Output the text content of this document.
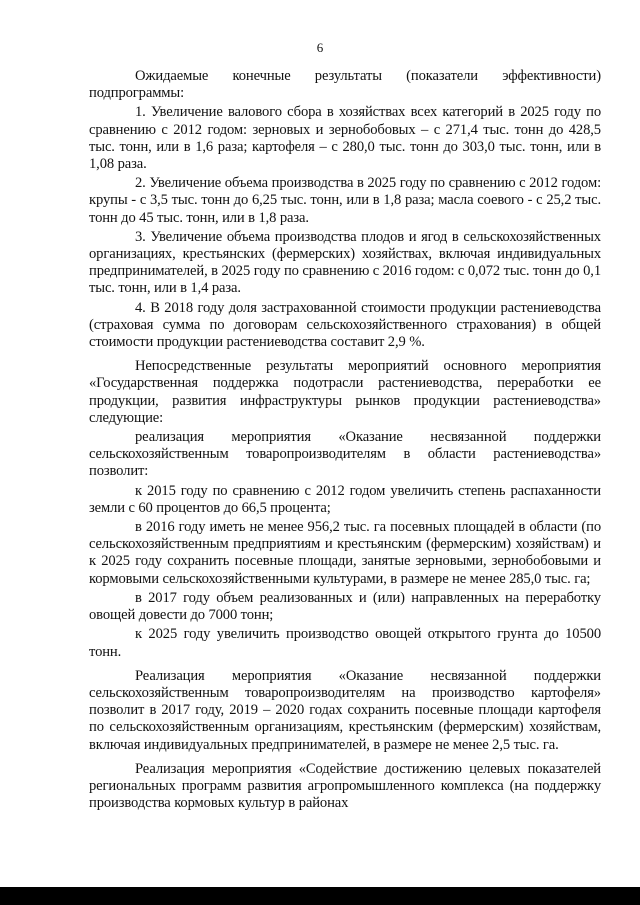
6

Ожидаемые конечные результаты (показатели эффективности) подпрограммы:

1. Увеличение валового сбора в хозяйствах всех категорий в 2025 году по сравнению с 2012 годом: зерновых и зернобобовых – с 271,4 тыс. тонн до 428,5 тыс. тонн, или в 1,6 раза; картофеля – с 280,0 тыс. тонн до 303,0 тыс. тонн, или в 1,08 раза.

2. Увеличение объема производства в 2025 году по сравнению с 2012 годом: крупы - с 3,5 тыс. тонн до 6,25 тыс. тонн, или в 1,8 раза; масла соевого - с 25,2 тыс. тонн до 45 тыс. тонн, или в 1,8 раза.

3. Увеличение объема производства плодов и ягод в сельскохозяйственных организациях, крестьянских (фермерских) хозяйствах, включая индивидуальных предпринимателей, в 2025 году по сравнению с 2016 годом: с 0,072 тыс. тонн до 0,1 тыс. тонн, или в 1,4 раза.

4. В 2018 году доля застрахованной стоимости продукции растениеводства (страховая сумма по договорам сельскохозяйственного страхования) в общей стоимости продукции растениеводства составит 2,9 %.

Непосредственные результаты мероприятий основного мероприятия «Государственная поддержка подотрасли растениеводства, переработки ее продукции, развития инфраструктуры рынков продукции растениеводства» следующие:

реализация мероприятия «Оказание несвязанной поддержки сельскохозяйственным товаропроизводителям в области растениеводства» позволит:

к 2015 году по сравнению с 2012 годом увеличить степень распаханности земли с 60 процентов до 66,5 процента;

в 2016 году иметь не менее 956,2 тыс. га посевных площадей в области (по сельскохозяйственным предприятиям и крестьянским (фермерским) хозяйствам) и к 2025 году сохранить посевные площади, занятые зерновыми, зернобобовыми и кормовыми сельскохозяйственными культурами, в размере не менее 285,0 тыс. га;

в 2017 году объем реализованных и (или) направленных на переработку овощей довести до 7000 тонн;

к 2025 году увеличить производство овощей открытого грунта до 10500 тонн.

Реализация мероприятия «Оказание несвязанной поддержки сельскохозяйственным товаропроизводителям на производство картофеля» позволит в 2017 году, 2019 – 2020 годах сохранить посевные площади картофеля по сельскохозяйственным организациям, крестьянским (фермерским) хозяйствам, включая индивидуальных предпринимателей, в размере не менее 2,5 тыс. га.

Реализация мероприятия «Содействие достижению целевых показателей региональных программ развития агропромышленного комплекса (на поддержку производства кормовых культур в районах
